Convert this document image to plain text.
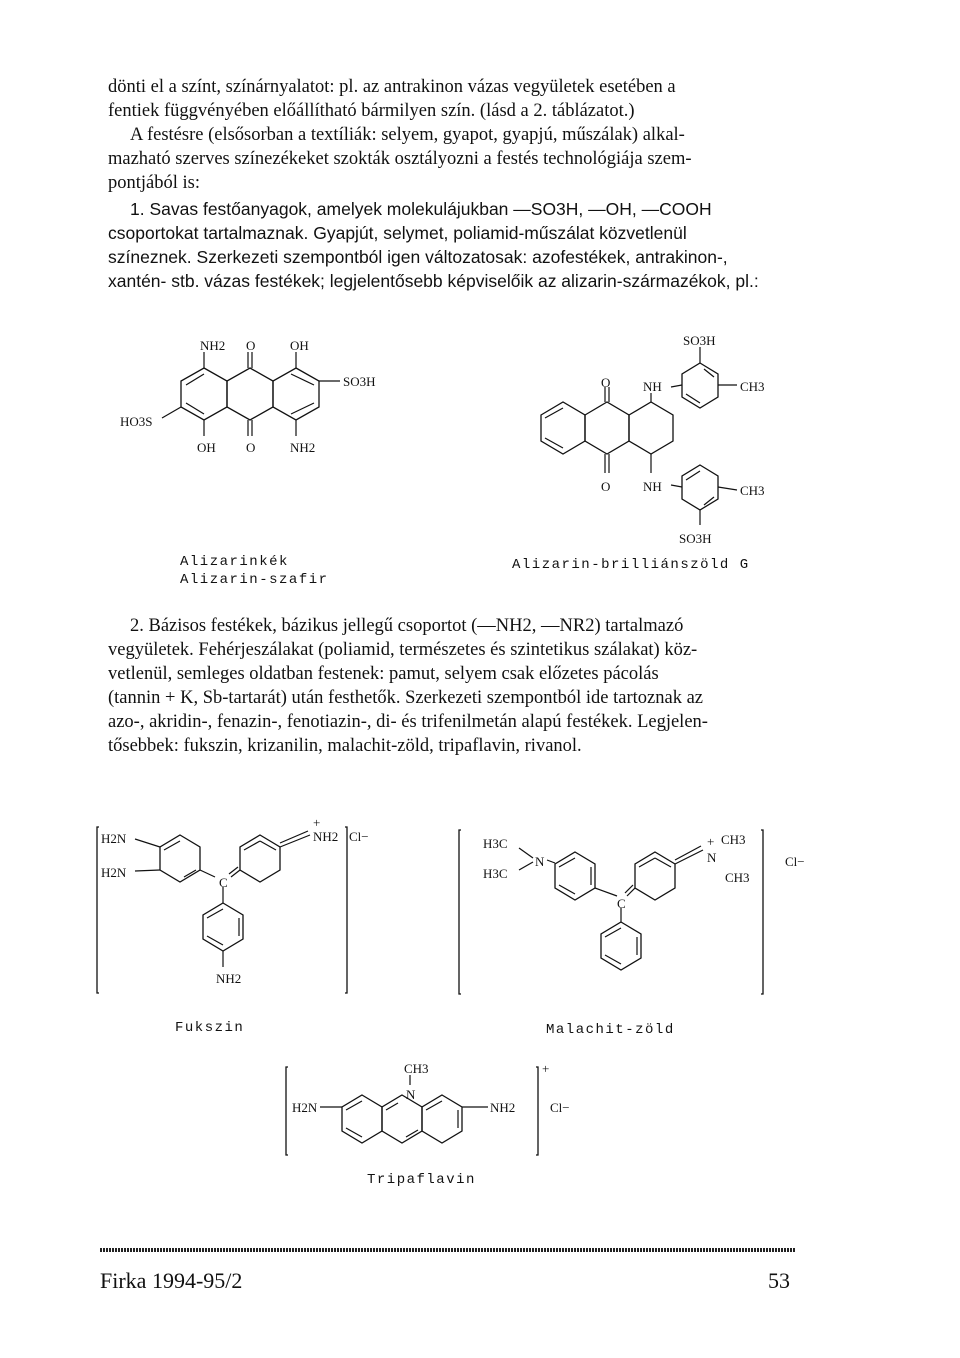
dönti el a színt, színárnyalatot: pl. az antrakinon vázas vegyületek esetében a

fentiek függvényében előállítható bármilyen szín. (lásd a 2. táblázatot.)

A festésre (elsősorban a textíliák: selyem, gyapot, gyapjú, műszálak) alkal-

mazható szerves színezékeket szokták osztályozni a festés technológiája szem-

pontjából is:

1. Savas festőanyagok, amelyek molekulájukban —SO3H, —OH, —COOH

csoportokat tartalmaznak. Gyapjút, selymet, poliamid-műszálat közvetlenül

színeznek. Szerkezeti szempontból igen változatosak: azofestékek, antrakinon-,

xantén- stb. vázas festékek; legjelentősebb képviselőik az alizarin-származékok, pl.:

NH2 O	OH
SO3H
HO3S
OH O	NH2
Alizarinkék
Alizarin-szafir
SO3H
O	NH	CH3
O	NH	CH3
SO3H
Alizarin-brilliánszöld G

2. Bázisos festékek, bázikus jellegű csoportot (—NH2, —NR2) tartalmazó

vegyületek. Fehérjeszálakat (poliamid, természetes és szintetikus szálakat) köz-

vetlenül, semleges oldatban festenek: pamut, selyem csak előzetes pácolás

(tannin + K, Sb-tartarát) után festhetők. Szerkezeti szempontból ide tartoznak az

azo-, akridin-, fenazin-, fenotiazin-, di- és trifenilmetán alapú festékek. Legjelen-

tősebbek: fukszin, krizanilin, malachit-zöld, tripaflavin, rivanol.

H2N
H2N
C
+
NH2 Cl−
NH2
Fukszin
H3C
H3C
N
C
+ CH3
N
CH3
Cl−
Malachit-zöld
CH3
N
H2N	NH2
+
Cl−
Tripaflavin
Firka 1994-95/2	53
